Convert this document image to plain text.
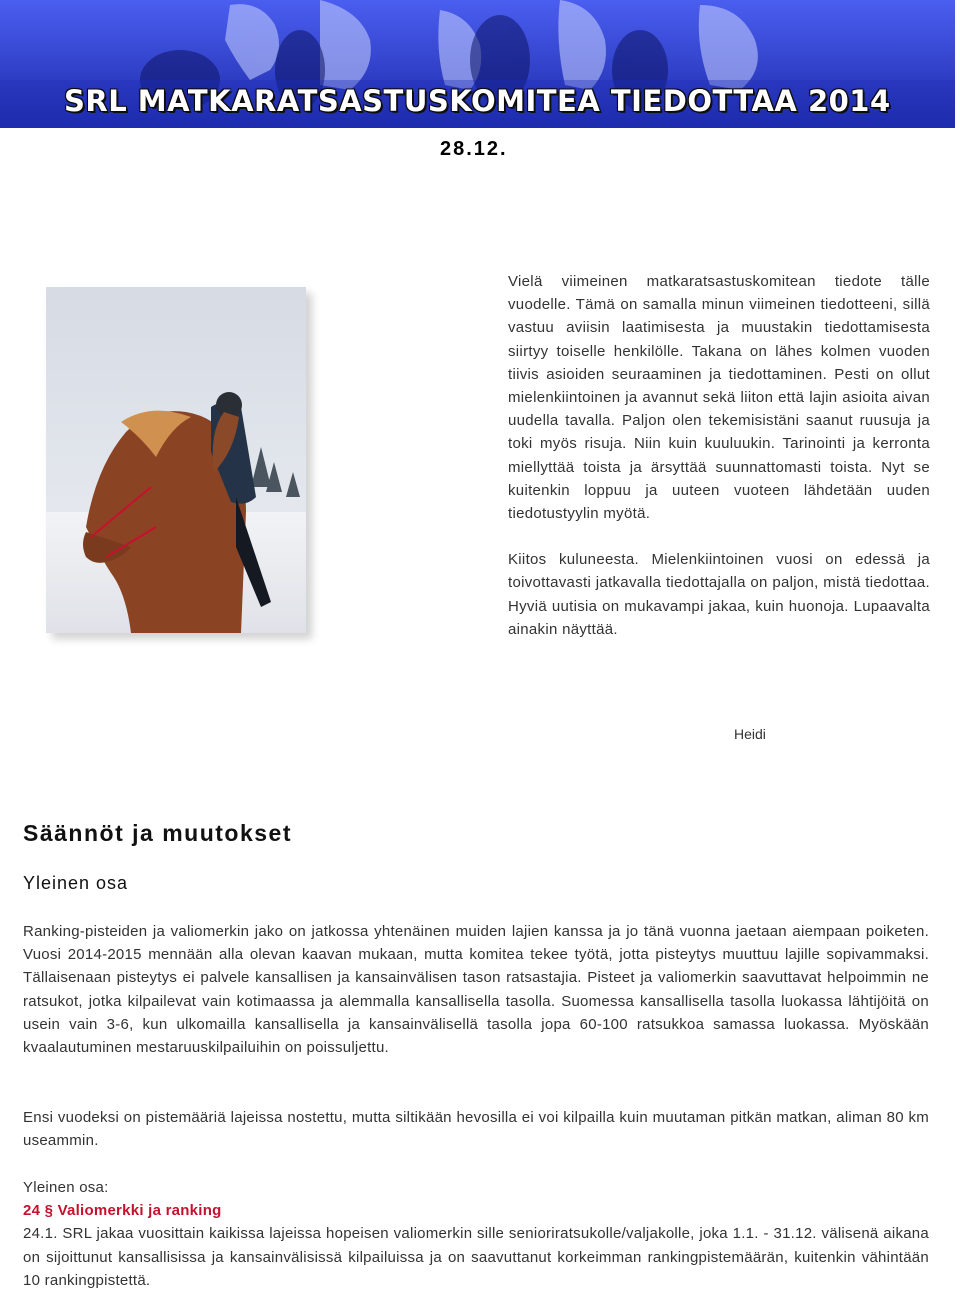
SRL MATKARATSASTUSKOMITEA TIEDOTTAA 2014
28.12.

Vielä viimeinen matkaratsastuskomitean tiedote tälle vuodelle. Tämä on samalla minun viimeinen tiedotteeni, sillä vastuu aviisin laatimisesta ja muustakin tiedottamisesta siirtyy toiselle henkilölle. Takana on lähes kolmen vuoden tiivis asioiden seuraaminen ja tiedottaminen. Pesti on ollut mielenkiintoinen ja avannut sekä liiton että lajin asioita aivan uudella tavalla. Paljon olen tekemisistäni saanut ruusuja ja toki myös risuja. Niin kuin kuuluukin. Tarinointi ja kerronta miellyttää toista ja ärsyttää suunnattomasti toista. Nyt se kuitenkin loppuu ja uuteen vuoteen lähdetään uuden tiedotustyylin myötä.

Kiitos kuluneesta. Mielenkiintoinen vuosi on edessä ja toivottavasti jatkavalla tiedottajalla on paljon, mistä tiedottaa. Hyviä uutisia on mukavampi jakaa, kuin huonoja. Lupaavalta ainakin näyttää.

Heidi
Säännöt ja muutokset
Yleinen osa
Ranking-pisteiden ja valiomerkin jako on jatkossa yhtenäinen muiden lajien kanssa ja jo tänä vuonna jaetaan aiempaan poiketen. Vuosi 2014-2015 mennään alla olevan kaavan mukaan, mutta komitea tekee työtä, jotta pisteytys muuttuu lajille sopivammaksi. Tällaisenaan pisteytys ei palvele kansallisen ja kansainvälisen tason ratsastajia. Pisteet ja valiomerkin saavuttavat helpoimmin ne ratsukot, jotka kilpailevat vain kotimaassa ja alemmalla kansallisella tasolla. Suomessa kansallisella tasolla luokassa lähtijöitä on usein vain 3-6, kun ulkomailla kansallisella ja kansainvälisellä tasolla jopa 60-100 ratsukkoa samassa luokassa. Myöskään kvaalautuminen mestaruuskilpailuihin on poissuljettu.
Ensi vuodeksi on pistemääriä lajeissa nostettu, mutta siltikään hevosilla ei voi kilpailla kuin muutaman pitkän matkan, aliman 80 km useammin.

Yleinen osa:

24 § Valiomerkki ja ranking

24.1. SRL jakaa vuosittain kaikissa lajeissa hopeisen valiomerkin sille senioriratsukolle/valjakolle, joka 1.1. - 31.12. välisenä aikana on sijoittunut kansallisissa ja kansainvälisissä kilpailuissa ja on saavuttanut korkeimman rankingpistemäärän, kuitenkin vähintään 10 rankingpistettä.
